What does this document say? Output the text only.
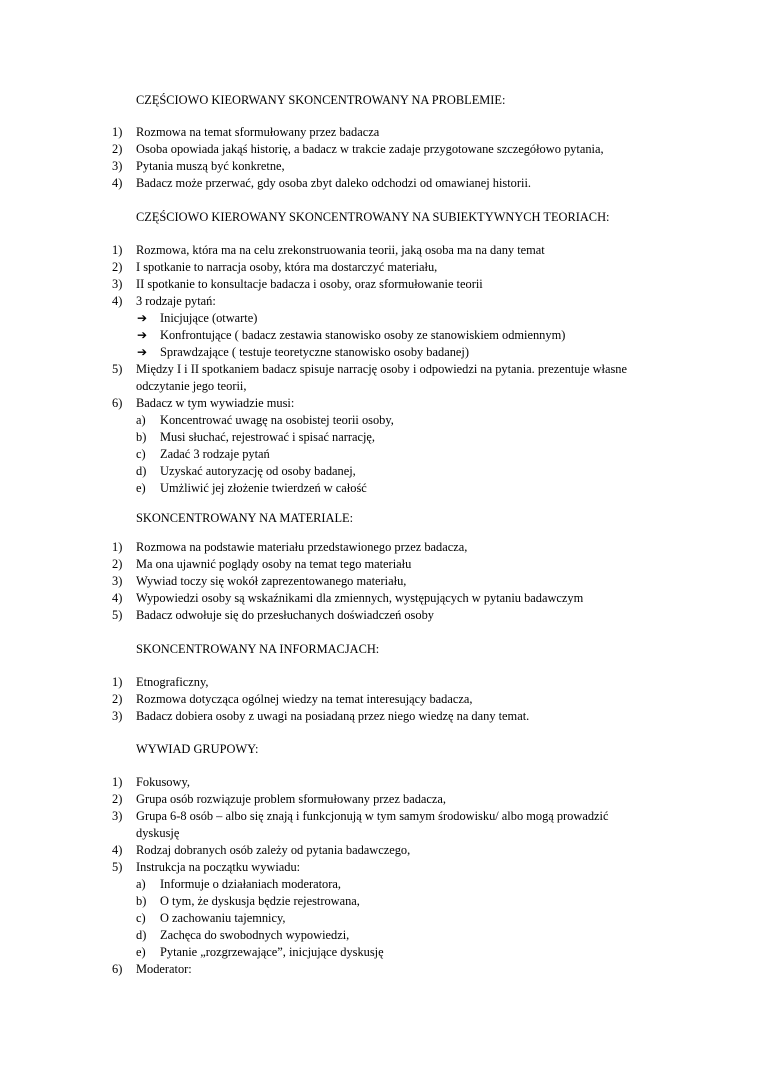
CZĘŚCIOWO KIEORWANY SKONCENTROWANY NA PROBLEMIE:
1) Rozmowa na temat sformułowany przez badacza
2) Osoba opowiada jakąś historię, a badacz w trakcie zadaje przygotowane szczegółowo pytania,
3) Pytania muszą być konkretne,
4) Badacz może przerwać, gdy osoba zbyt daleko odchodzi od omawianej historii.
CZĘŚCIOWO KIEROWANY SKONCENTROWANY NA SUBIEKTYWNYCH TEORIACH:
1) Rozmowa, która ma na celu zrekonstruowania teorii, jaką osoba ma na dany temat
2) I spotkanie to narracja osoby, która ma dostarczyć materiału,
3) II spotkanie to konsultacje badacza i osoby, oraz sformułowanie teorii
4) 3 rodzaje pytań:
➔ Inicjujące (otwarte)
➔ Konfrontujące ( badacz zestawia stanowisko osoby ze stanowiskiem odmiennym)
➔ Sprawdzające ( testuje teoretyczne stanowisko osoby badanej)
5) Między I i II spotkaniem badacz spisuje narrację osoby i odpowiedzi na pytania. prezentuje własne
odczytanie jego teorii,
6) Badacz w tym wywiadzie musi:
a) Koncentrować uwagę na osobistej teorii osoby,
b) Musi słuchać, rejestrować i spisać narrację,
c) Zadać 3 rodzaje pytań
d) Uzyskać autoryzację od osoby badanej,
e) Umżliwić jej złożenie twierdzeń w całość
SKONCENTROWANY NA MATERIALE:
1) Rozmowa na podstawie materiału przedstawionego przez badacza,
2) Ma ona ujawnić poglądy osoby na temat tego materiału
3) Wywiad toczy się wokół zaprezentowanego materiału,
4) Wypowiedzi osoby są wskaźnikami dla zmiennych, występujących w pytaniu badawczym
5) Badacz odwołuje się do przesłuchanych doświadczeń osoby
SKONCENTROWANY NA INFORMACJACH:
1) Etnograficzny,
2) Rozmowa dotycząca ogólnej wiedzy na temat interesujący badacza,
3) Badacz dobiera osoby z uwagi na posiadaną przez niego wiedzę na dany temat.
WYWIAD GRUPOWY:
1) Fokusowy,
2) Grupa osób rozwiązuje problem sformułowany przez badacza,
3) Grupa 6-8 osób – albo się znają i funkcjonują w tym samym środowisku/ albo mogą prowadzić
dyskusję
4) Rodzaj dobranych osób zależy od pytania badawczego,
5) Instrukcja na początku wywiadu:
a) Informuje o działaniach moderatora,
b) O tym, że dyskusja będzie rejestrowana,
c) O zachowaniu tajemnicy,
d) Zachęca do swobodnych wypowiedzi,
e) Pytanie „rozgrzewające”, inicjujące dyskusję
6) Moderator:
